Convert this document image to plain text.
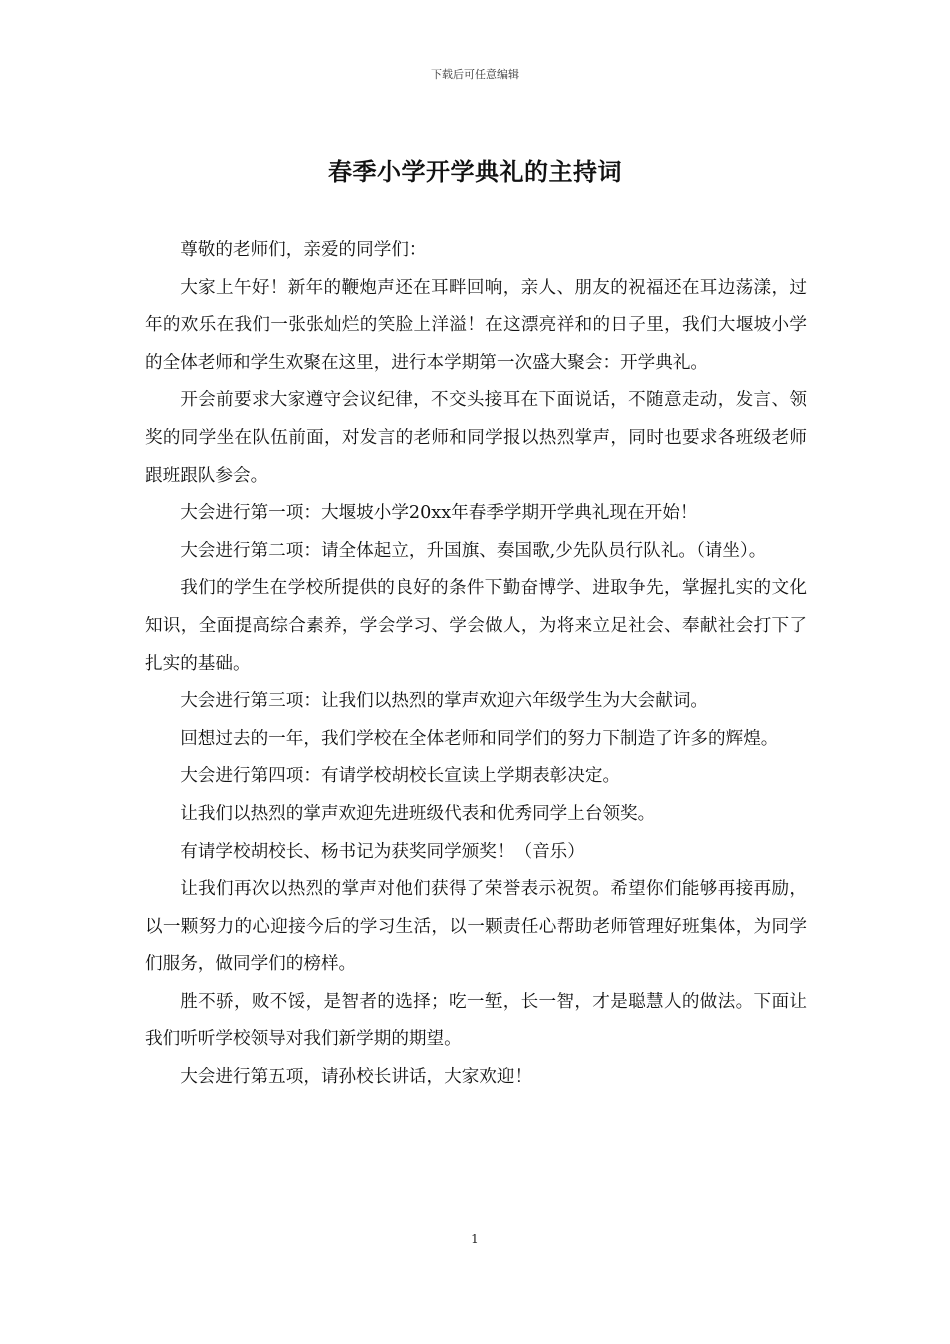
下载后可任意编辑
春季小学开学典礼的主持词

尊敬的老师们，亲爱的同学们：

大家上午好！新年的鞭炮声还在耳畔回响，亲人、朋友的祝福还在耳边荡漾，过年的欢乐在我们一张张灿烂的笑脸上洋溢！在这漂亮祥和的日子里，我们大堰坡小学的全体老师和学生欢聚在这里，进行本学期第一次盛大聚会：开学典礼。

开会前要求大家遵守会议纪律，不交头接耳在下面说话，不随意走动，发言、领奖的同学坐在队伍前面，对发言的老师和同学报以热烈掌声，同时也要求各班级老师跟班跟队参会。

大会进行第一项：大堰坡小学20xx年春季学期开学典礼现在开始！

大会进行第二项：请全体起立，升国旗、奏国歌,少先队员行队礼。（请坐）。

我们的学生在学校所提供的良好的条件下勤奋博学、进取争先，掌握扎实的文化知识，全面提高综合素养，学会学习、学会做人，为将来立足社会、奉献社会打下了扎实的基础。

大会进行第三项：让我们以热烈的掌声欢迎六年级学生为大会献词。

回想过去的一年，我们学校在全体老师和同学们的努力下制造了许多的辉煌。

大会进行第四项：有请学校胡校长宣读上学期表彰决定。

让我们以热烈的掌声欢迎先进班级代表和优秀同学上台领奖。

有请学校胡校长、杨书记为获奖同学颁奖！（音乐）

让我们再次以热烈的掌声对他们获得了荣誉表示祝贺。希望你们能够再接再励，以一颗努力的心迎接今后的学习生活，以一颗责任心帮助老师管理好班集体，为同学们服务，做同学们的榜样。

胜不骄，败不馁，是智者的选择；吃一堑，长一智，才是聪慧人的做法。下面让我们听听学校领导对我们新学期的期望。

大会进行第五项，请孙校长讲话，大家欢迎！

1
